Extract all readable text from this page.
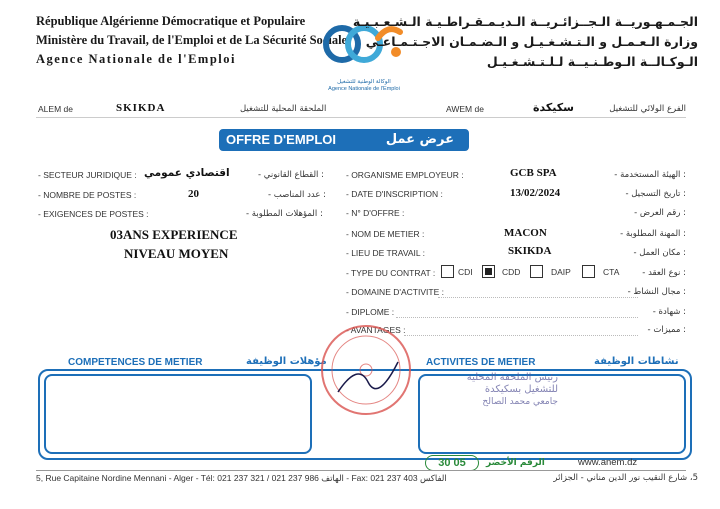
République Algérienne Démocratique et Populaire
Ministère du Travail, de l'Emploi et de La Sécurité Sociale
Agence Nationale de l'Emploi
الوكالة الوطنية للتشغيل
Agence Nationale de l'Emploi
الجـمـهـوريــة الـجــزائـريــة الـديـمـقـراطـيـة الـشـعـبـيـة
وزارة الـعـمـل و الـتـشـغـيـل و الـضـمـان الاجـتـمـاعـي
الـوكـالــة الـوطـنـيــة لـلـتـشـغـيـل
ALEM de	SKIKDA	الملحقة المحلية للتشغيل	AWEM de	سكيكدة	الفرع الولائي للتشغيل
OFFRE D'EMPLOI	عرض عمل
- SECTEUR JURIDIQUE : اقتصادي عمومي	- القطاع القانوني :
- NOMBRE DE POSTES :	20	- عدد المناصب :
- EXIGENCES DE POSTES :	- المؤهلات المطلوبة :
03ANS EXPERIENCE
NIVEAU MOYEN
- ORGANISME EMPLOYEUR :	GCB SPA	- الهيئة المستخدمة :
- DATE D'INSCRIPTION :	13/02/2024	- تاريخ التسجيل :
- N° D'OFFRE :	- رقم العرض :
- NOM DE METIER :	MACON	- المهنة المطلوبة :
- LIEU DE TRAVAIL :	SKIKDA	- مكان العمل :
- TYPE DU CONTRAT :	CDI	CDD	DAIP	CTA	- نوع العقد :
- DOMAINE D'ACTIVITE :	- مجال النشاط :
- DIPLOME :	- شهادة :
- AVANTAGES :	- مميزات :
COMPETENCES DE METIER	مؤهلات الوظيفة	ACTIVITES DE METIER	نشاطات الوظيفة
رئيس الملحقة المحلية
للتشغيل بسكيكدة
جامعي محمد الصالح
30 05	الرقم الأخضر	www.anem.dz
5, Rue Capitaine Nordine Mennani - Alger - Tél: 021 237 321 / 021 237 986 الهاتف - Fax: 021 237 403 الفاكس	5، شارع النقيب نور الدين مناني - الجزائر
